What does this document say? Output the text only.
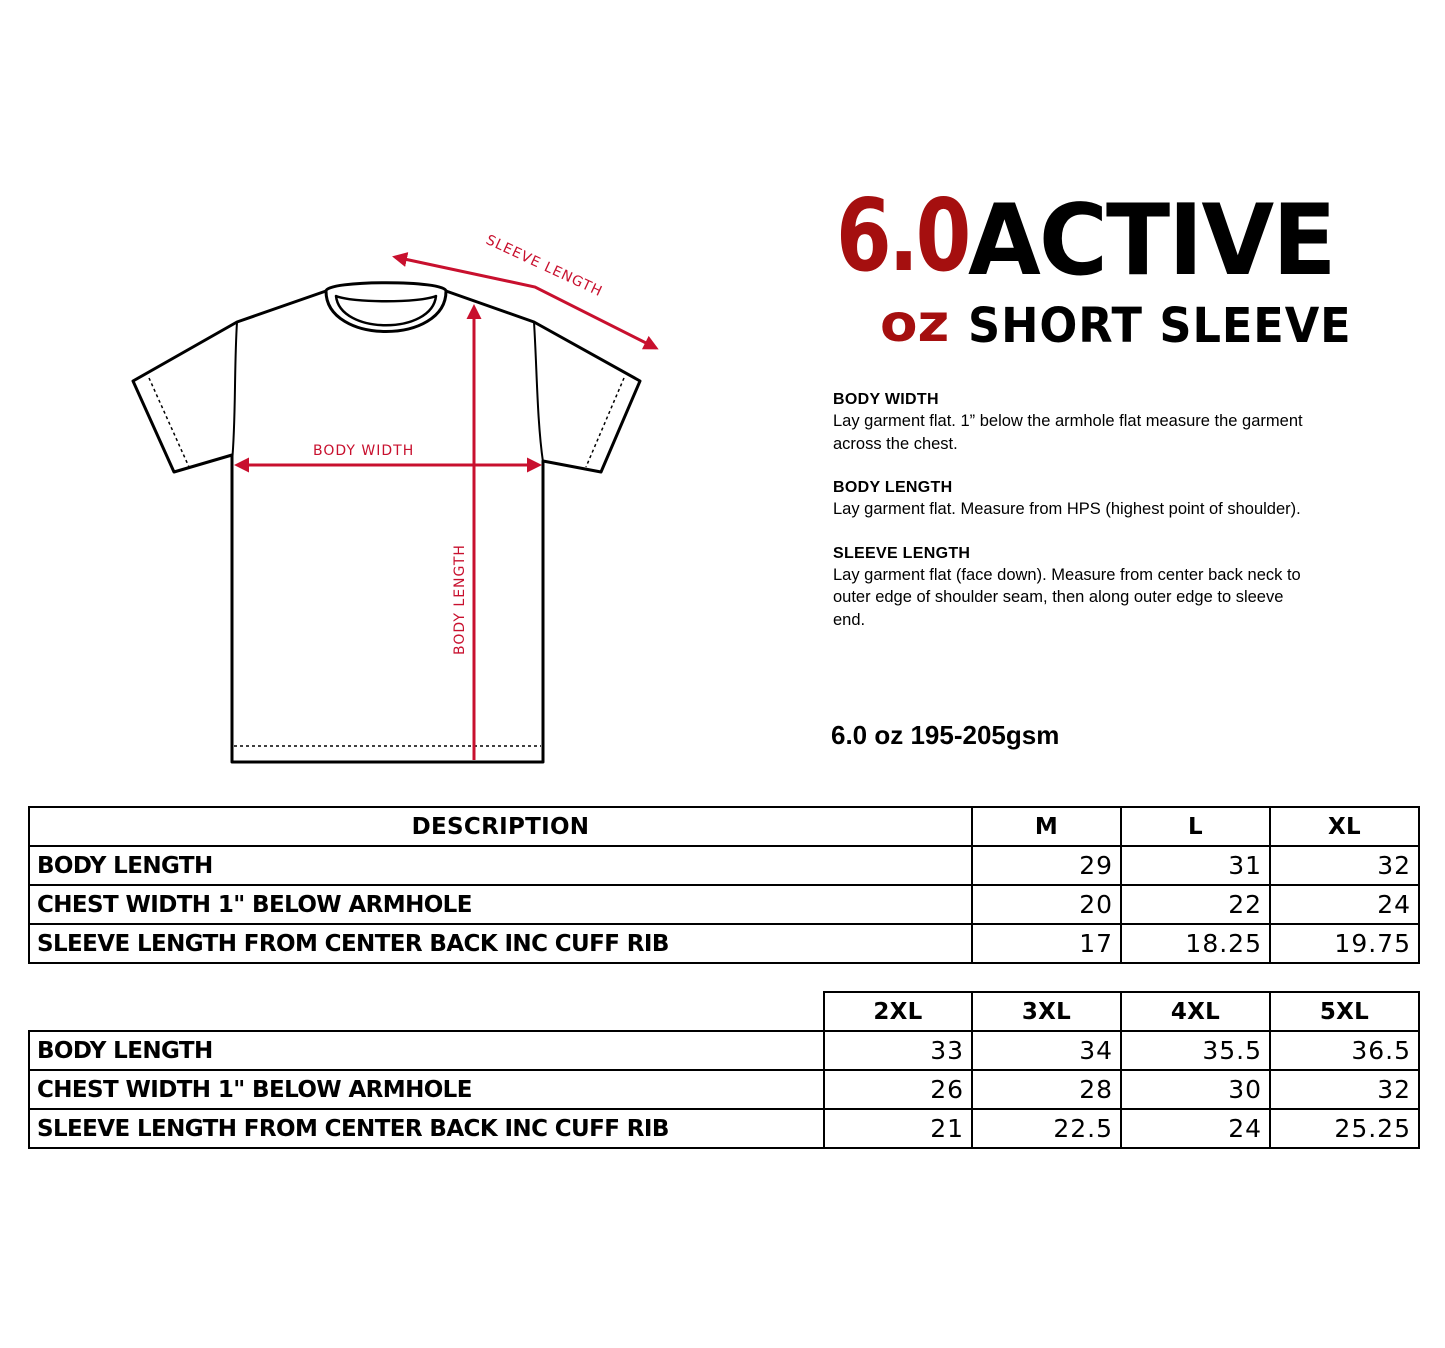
SLEEVE LENGTH
BODY WIDTH
BODY LENGTH
6.0
oz
ACTIVE
SHORT SLEEVE
BODY WIDTH
Lay garment flat. 1” below the armhole flat measure the garment across the chest.
BODY LENGTH
Lay garment flat. Measure from HPS (highest point of shoulder).
SLEEVE LENGTH
Lay garment flat (face down). Measure from center back neck to outer edge of shoulder seam, then along outer edge to sleeve end.
6.0 oz 195-205gsm
DESCRIPTION	M	L	XL
BODY LENGTH	29	31	32
CHEST WIDTH 1" BELOW ARMHOLE	20	22	24
SLEEVE LENGTH FROM CENTER BACK INC CUFF RIB	17	18.25	19.75
	2XL	3XL	4XL	5XL
BODY LENGTH	33	34	35.5	36.5
CHEST WIDTH 1" BELOW ARMHOLE	26	28	30	32
SLEEVE LENGTH FROM CENTER BACK INC CUFF RIB	21	22.5	24	25.25
